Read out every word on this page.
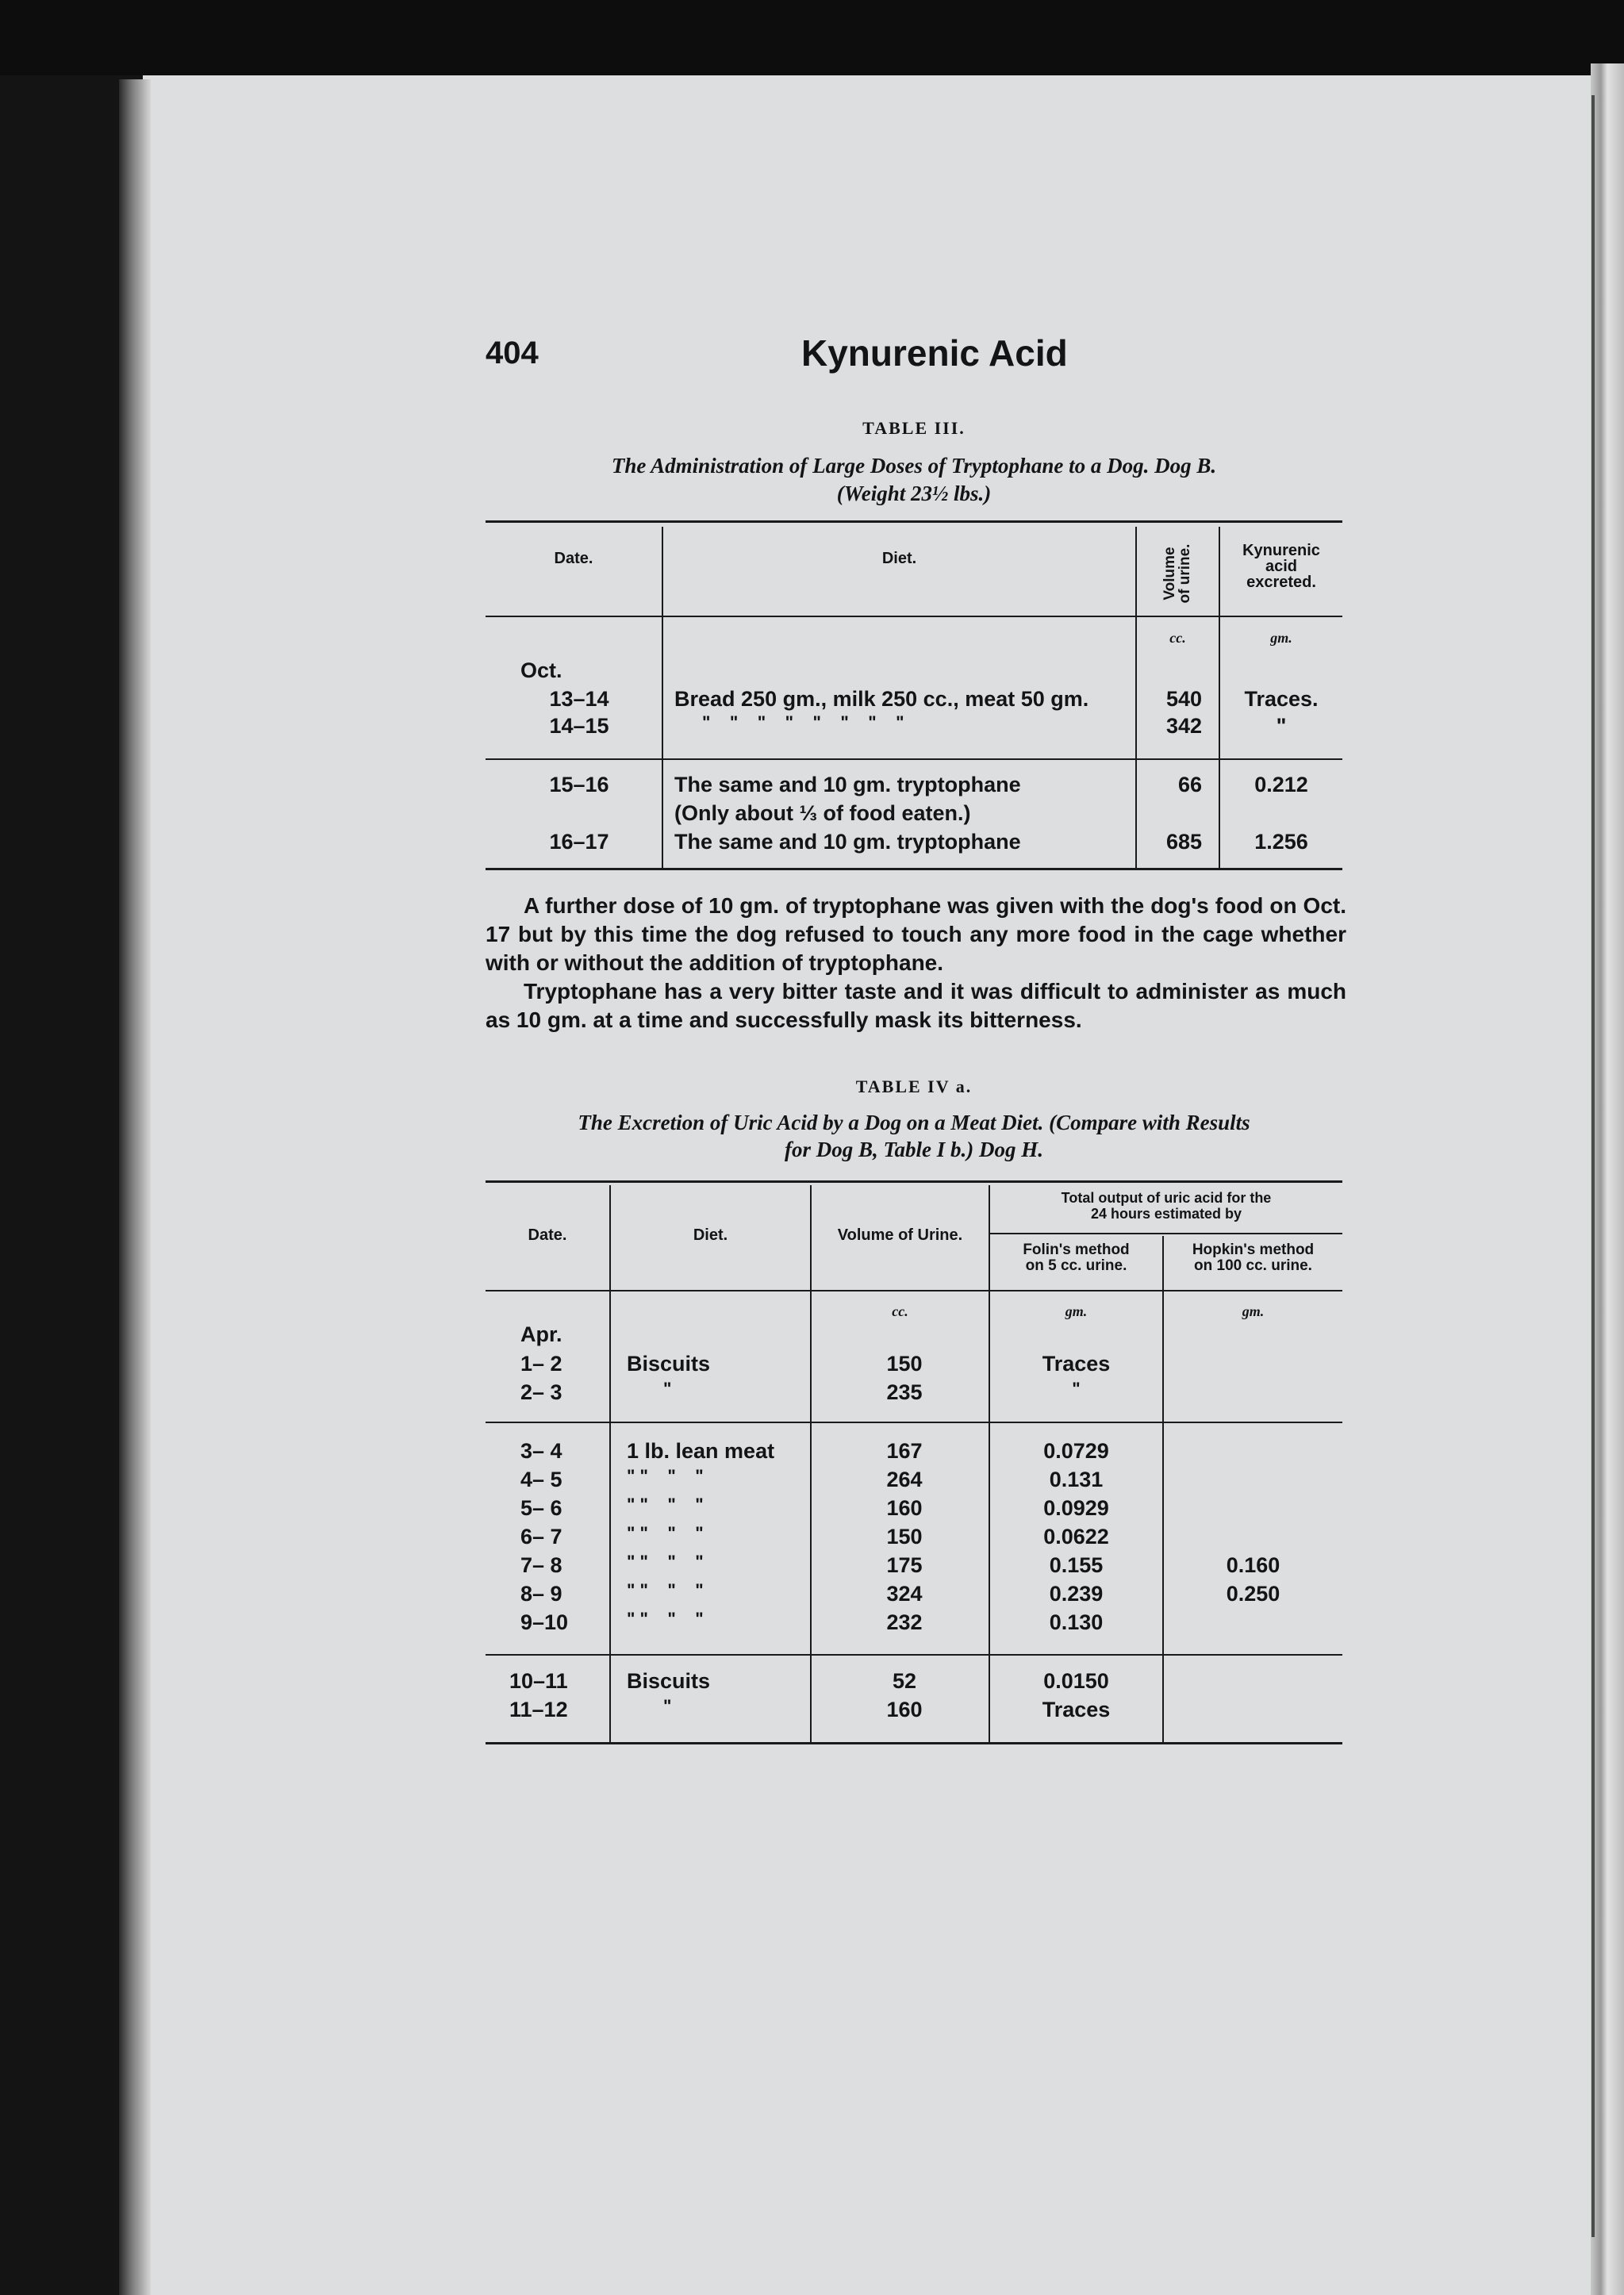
404	Kynurenic Acid
TABLE III.
The Administration of Large Doses of Tryptophane to a Dog. Dog B.
(Weight 23½ lbs.)
Date.	Diet.	Volume
of urine.	Kynurenic
acid
excreted.
cc.	gm.
Oct.
13–14	Bread 250 gm., milk 250 cc., meat 50 gm.	540	Traces.
14–15	"    "    "    "    "    "    "    "	342	"
15–16	The same and 10 gm. tryptophane	66	0.212
(Only about ⅓ of food eaten.)
16–17	The same and 10 gm. tryptophane	685	1.256
A further dose of 10 gm. of tryptophane was given with the dog's food on Oct. 17 but by this time the dog refused to touch any more food in the cage whether with or without the addition of tryptophane.
Tryptophane has a very bitter taste and it was difficult to administer as much as 10 gm. at a time and successfully mask its bitterness.
TABLE IV a.
The Excretion of Uric Acid by a Dog on a Meat Diet. (Compare with Results
for Dog B, Table I b.) Dog H.
Date.	Diet.	Volume of Urine.
Total output of uric acid for the
24 hours estimated by
Folin's method
on 5 cc. urine.
Hopkin's method
on 100 cc. urine.
cc.	gm.	gm.
Apr.
1– 2	Biscuits	150	Traces
2– 3	"	235	"
3– 4	1 lb. lean meat	167	0.0729
4– 5	" "    "    "	264	0.131
5– 6	" "    "    "	160	0.0929
6– 7	" "    "    "	150	0.0622
7– 8	" "    "    "	175	0.155	0.160
8– 9	" "    "    "	324	0.239	0.250
9–10	" "    "    "	232	0.130
10–11	Biscuits	52	0.0150
11–12	"	160	Traces
